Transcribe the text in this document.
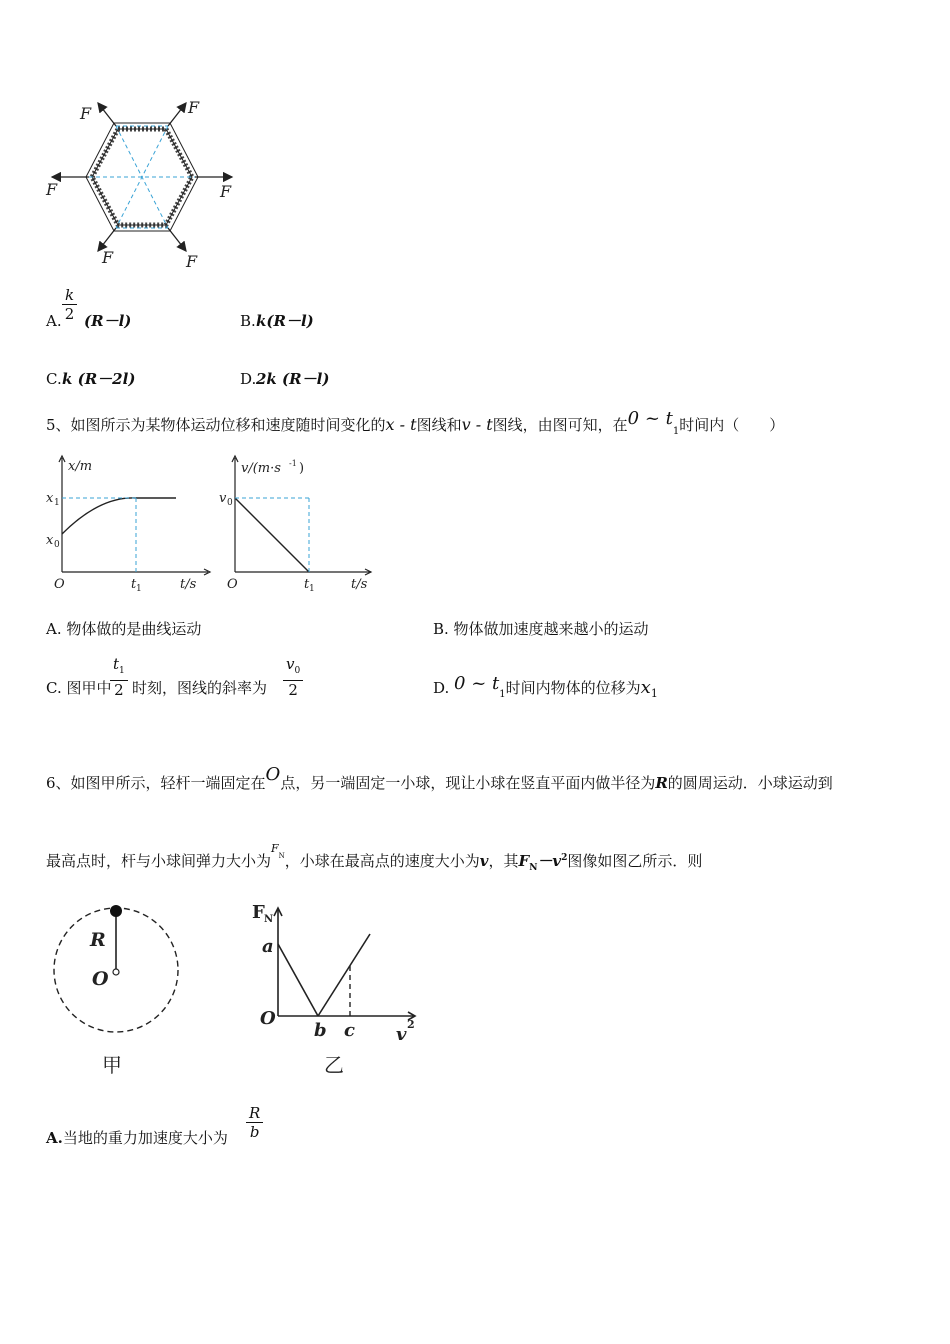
F	F
F	F
F	F
A. $\frac{k}{2} (R-l)$	B. k(R－l)
C. k (R－2l)	D. 2k (R－l)
5、如图所示为某物体运动位移和速度随时间变化的x - t图线和v - t图线，由图可知，在0 ~ $t_1$时间内（　　）
x/m
x 1
x 0
O	t 1	t/s
v/(m·s -1 )
v 0
O	t 1	t/s
A. 物体做的是曲线运动	B. 物体做加速度越来越小的运动
C. 图甲中
$\frac{t_1}{2}$ 时刻，图线的斜率为 $\frac{v_0}{2}$	D. 0 ~ $t_1$时间内物体的位移为$x_1$
6、如图甲所示，轻杆一端固定在O点，另一端固定一小球，现让小球在竖直平面内做半径为R的圆周运动．小球运动到
最高点时，杆与小球间弹力大小为$^F_N$，小球在最高点的速度大小为v，其$F_N-v^2$图像如图乙所示．则
R
O
甲
F N
a
O
b c v 2
乙
A.当地的重力加速度大小为 $\frac{R}{b}$
